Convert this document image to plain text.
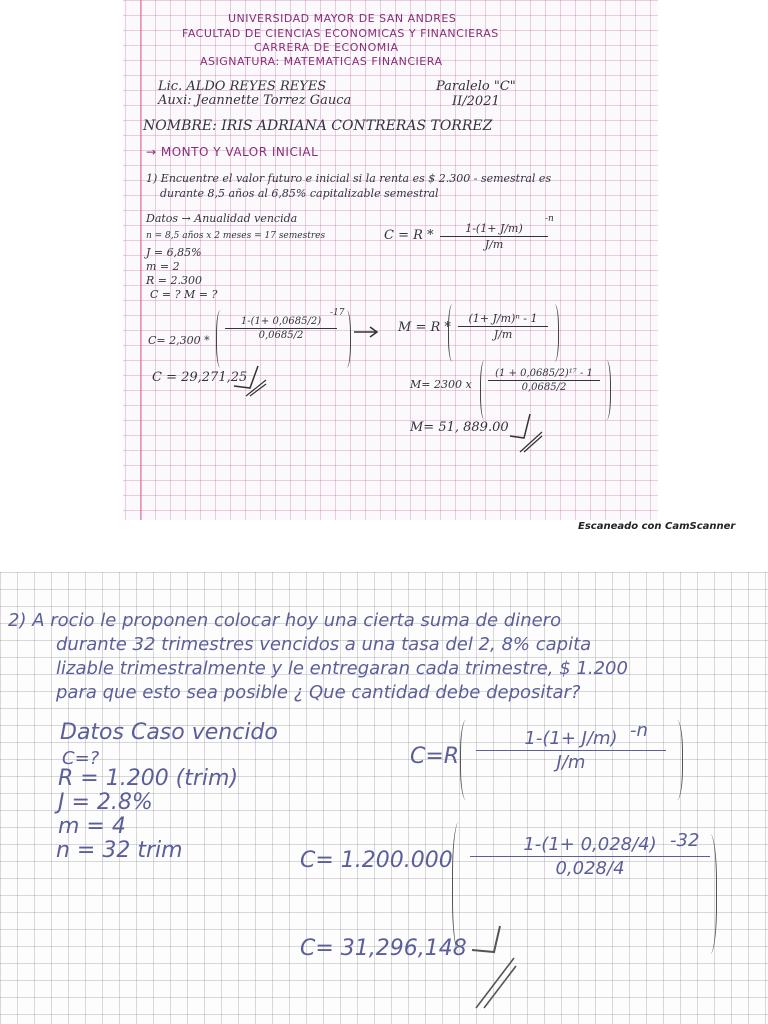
UNIVERSIDAD MAYOR DE SAN ANDRES
FACULTAD DE CIENCIAS ECONOMICAS Y FINANCIERAS
CARRERA DE ECONOMIA
ASIGNATURA: MATEMATICAS FINANCIERA
Lic. ALDO REYES REYES
Auxi: Jeannette Torrez Gauca
Paralelo "C"
II/2021
NOMBRE: IRIS ADRIANA CONTRERAS TORREZ
→ MONTO Y VALOR INICIAL
1) Encuentre el valor futuro e inicial si la renta es $ 2.300 - semestral es
durante 8,5 años al 6,85% capitalizable semestral
Datos → Anualidad vencida
n = 8,5 años x 2 meses = 17 semestres
J = 6,85%
m = 2
R = 2.300
C = ? M = ?
C = R *	1-(1+ J/m)
J/m
-n
C= 2,300 *
1-(1+ 0,0685/2)
0,0685/2
-17
C = 29,271,25
M = R *
(1+ J/m)ⁿ - 1
J/m
M= 2300 x
(1 + 0,0685/2)¹⁷ - 1
0,0685/2
M= 51, 889.00
Escaneado con CamScanner
2) A rocio le proponen colocar hoy una cierta suma de dinero
durante 32 trimestres vencidos a una tasa del 2, 8% capita
lizable trimestralmente y le entregaran cada trimestre, $ 1.200
para que esto sea posible ¿ Que cantidad debe depositar?
Datos Caso vencido
C=?
R = 1.200 (trim)
J = 2.8%
m = 4
n = 32 trim
C=R
1-(1+ J/m)
J/m
-n
C= 1.200.000
1-(1+ 0,028/4)
0,028/4
-32
C= 31,296,148
